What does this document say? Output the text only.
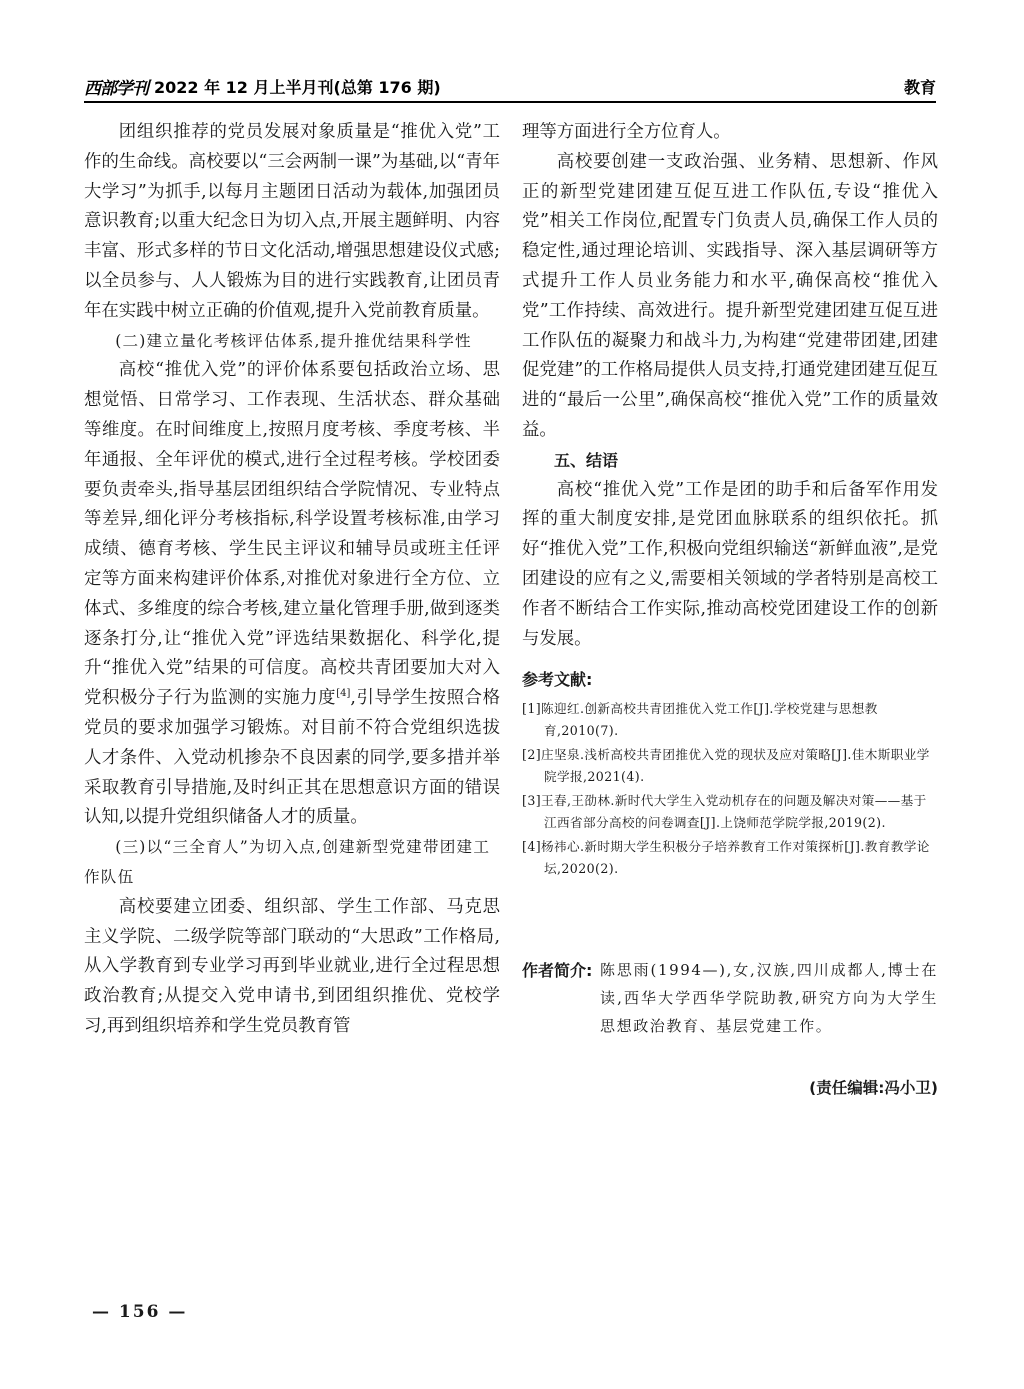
西部学刊 2022 年 12 月上半月刊(总第 176 期)	教育

团组织推荐的党员发展对象质量是“推优入党”工作的生命线。高校要以“三会两制一课”为基础,以“青年大学习”为抓手,以每月主题团日活动为载体,加强团员意识教育;以重大纪念日为切入点,开展主题鲜明、内容丰富、形式多样的节日文化活动,增强思想建设仪式感;以全员参与、人人锻炼为目的进行实践教育,让团员青年在实践中树立正确的价值观,提升入党前教育质量。

(二)建立量化考核评估体系,提升推优结果科学性

高校“推优入党”的评价体系要包括政治立场、思想觉悟、日常学习、工作表现、生活状态、群众基础等维度。在时间维度上,按照月度考核、季度考核、半年通报、全年评优的模式,进行全过程考核。学校团委要负责牵头,指导基层团组织结合学院情况、专业特点等差异,细化评分考核指标,科学设置考核标准,由学习成绩、德育考核、学生民主评议和辅导员或班主任评定等方面来构建评价体系,对推优对象进行全方位、立体式、多维度的综合考核,建立量化管理手册,做到逐类逐条打分,让“推优入党”评选结果数据化、科学化,提升“推优入党”结果的可信度。高校共青团要加大对入党积极分子行为监测的实施力度[4],引导学生按照合格党员的要求加强学习锻炼。对目前不符合党组织选拔人才条件、入党动机掺杂不良因素的同学,要多措并举采取教育引导措施,及时纠正其在思想意识方面的错误认知,以提升党组织储备人才的质量。

(三)以“三全育人”为切入点,创建新型党建带团建工作队伍

高校要建立团委、组织部、学生工作部、马克思主义学院、二级学院等部门联动的“大思政”工作格局,从入学教育到专业学习再到毕业就业,进行全过程思想政治教育;从提交入党申请书,到团组织推优、党校学习,再到组织培养和学生党员教育管

理等方面进行全方位育人。

高校要创建一支政治强、业务精、思想新、作风正的新型党建团建互促互进工作队伍,专设“推优入党”相关工作岗位,配置专门负责人员,确保工作人员的稳定性,通过理论培训、实践指导、深入基层调研等方式提升工作人员业务能力和水平,确保高校“推优入党”工作持续、高效进行。提升新型党建团建互促互进工作队伍的凝聚力和战斗力,为构建“党建带团建,团建促党建”的工作格局提供人员支持,打通党建团建互促互进的“最后一公里”,确保高校“推优入党”工作的质量效益。

五、结语

高校“推优入党”工作是团的助手和后备军作用发挥的重大制度安排,是党团血脉联系的组织依托。抓好“推优入党”工作,积极向党组织输送“新鲜血液”,是党团建设的应有之义,需要相关领域的学者特别是高校工作者不断结合工作实际,推动高校党团建设工作的创新与发展。

参考文献:

[1]陈迎红.创新高校共青团推优入党工作[J].学校党建与思想教育,2010(7).

[2]庄坚泉.浅析高校共青团推优入党的现状及应对策略[J].佳木斯职业学院学报,2021(4).

[3]王春,王劭林.新时代大学生入党动机存在的问题及解决对策——基于江西省部分高校的问卷调查[J].上饶师范学院学报,2019(2).

[4]杨祎心.新时期大学生积极分子培养教育工作对策探析[J].教育教学论坛,2020(2).

作者简介: 陈思雨(1994—),女,汉族,四川成都人,博士在读,西华大学西华学院助教,研究方向为大学生思想政治教育、基层党建工作。
(责任编辑:冯小卫)
— 156 —
